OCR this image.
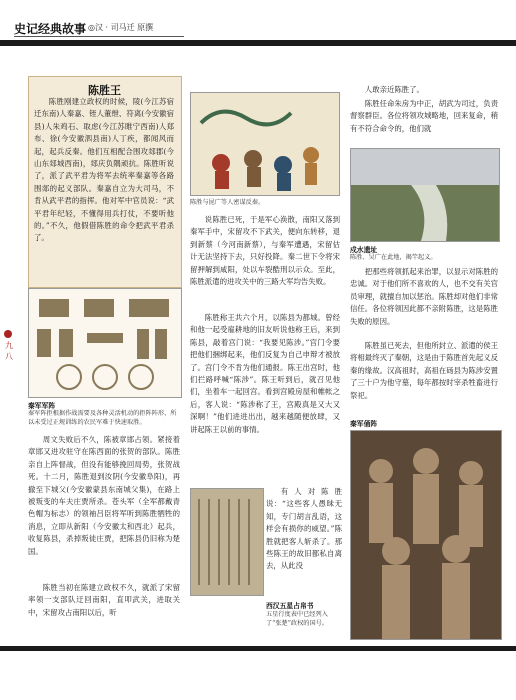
史记经典故事 ◎汉 · 司马迁 原撰
九八
陈胜王
陈胜刚建立政权的时候，陵(今江苏宿迁东南)人秦嘉、铚人董绁、符离(今安徽宿县)人朱鸡石、取虑(今江苏睢宁西南)人郑布、徐(今安徽泗县南)人丁疾，都闻风而起，起兵反秦。他们互相配合围攻郯郡(今山东郯城西南)，郯庆负隅顽抗。陈胜听说了，派了武平君为将军去统率秦嘉等各路围郯的起义部队。秦嘉自立为大司马，不肯从武平君的指挥。他对军中官员说：“武平君年纪轻，不懂得用兵打仗，不要听他的。”不久，他假借陈胜的命令把武平君杀了。
秦军军阵
秦军阵拒根据作战需要及各种灵活机动的拒阵阵形，所以未受过正规训练的农民军难于快速取胜。
周文失败后不久，陈被章邯占领。紧接着章邯又进攻驻守在陈西面的张贺的部队。陈胜亲自上阵督战，但没有能够挽回局势，张贺战死。十二月，陈胜退到汝阴(今安徽阜阳)，再撤至下城父(今安徽蒙县东南城父集)，在路上被叛变的车夫庄贾所杀。苍头军（全军都戴青色帽为标志）的领袖吕臣将军听到陈胜牺牲的消息，立即从新阳（今安徽太和西北）起兵，收复陈县，杀掉叛徒庄贾，把陈县仍旧称为楚国。
陈胜当初在陈建立政权不久，就派了宋留率领一支部队迂回南阳，直叩武关，进取关中，宋留攻占南阳以后，听
陈胜与昆广等人密谋反秦。
说陈胜已死，于是军心涣散，南阳又落到秦军手中，宋留攻不下武关，便向东转移，退到新蔡（今河南新蔡），与秦军遭遇，宋留估计无法坚持下去，只好投降。秦二世下令将宋留押解到咸阳，处以车裂酷刑以示众。至此，陈胜派遣的进攻关中的三路大军均告失败。
陈胜称王共六个月，以陈县为都城。曾经和他一起受雇耕地的旧友听说他称王后，来到陈县，敲着宫门说：“我要见陈涉。”宫门令要把他们捆绑起来，他们反复为自己申辩才被放了。宫门令不肯为他们通报。陈王出宫时，他们拦路呼喊“陈涉”。陈王听到后，就召见他们，坐着车一起回宫。看到宫殿房屋和帷帐之后，客人说：“陈涉称了王，宫殿真是又大又深啊！”他们进进出出，越来越随便放肆，又讲起陈王以前的事情。
西汉五星占帛书
五星行度表中已经列入了“张楚”政权的国号。
有人对陈胜说：“这些客人愚昧无知，专门胡言乱语，这样会有损你的威望。”陈胜就把客人斩杀了。那些陈王的故旧都私自离去，从此没
人敢亲近陈胜了。
陈胜任命朱房为中正，胡武为司过，负责督察群臣。各位将领攻城略地，回来复命，稍有不符合命令的，他们就
戍水遗址
陈胜、吴广在此地，揭竿起义。
把那些将领抓起来治罪，以显示对陈胜的忠诚。对于他们所不喜欢的人，也不交有关官员审理，就擅自加以惩治。陈胜却对他们非常信任。各位将领因此都不亲附陈胜，这是陈胜失败的原因。
陈胜虽已死去，但他所封立、派遣的侯王将相最终灭了秦朝，这是由于陈胜首先起义反秦的缘故。汉高祖时，高祖在砀县为陈涉安置了三十户为他守墓，每年都按时宰杀牲畜进行祭祀。
秦军俑阵
